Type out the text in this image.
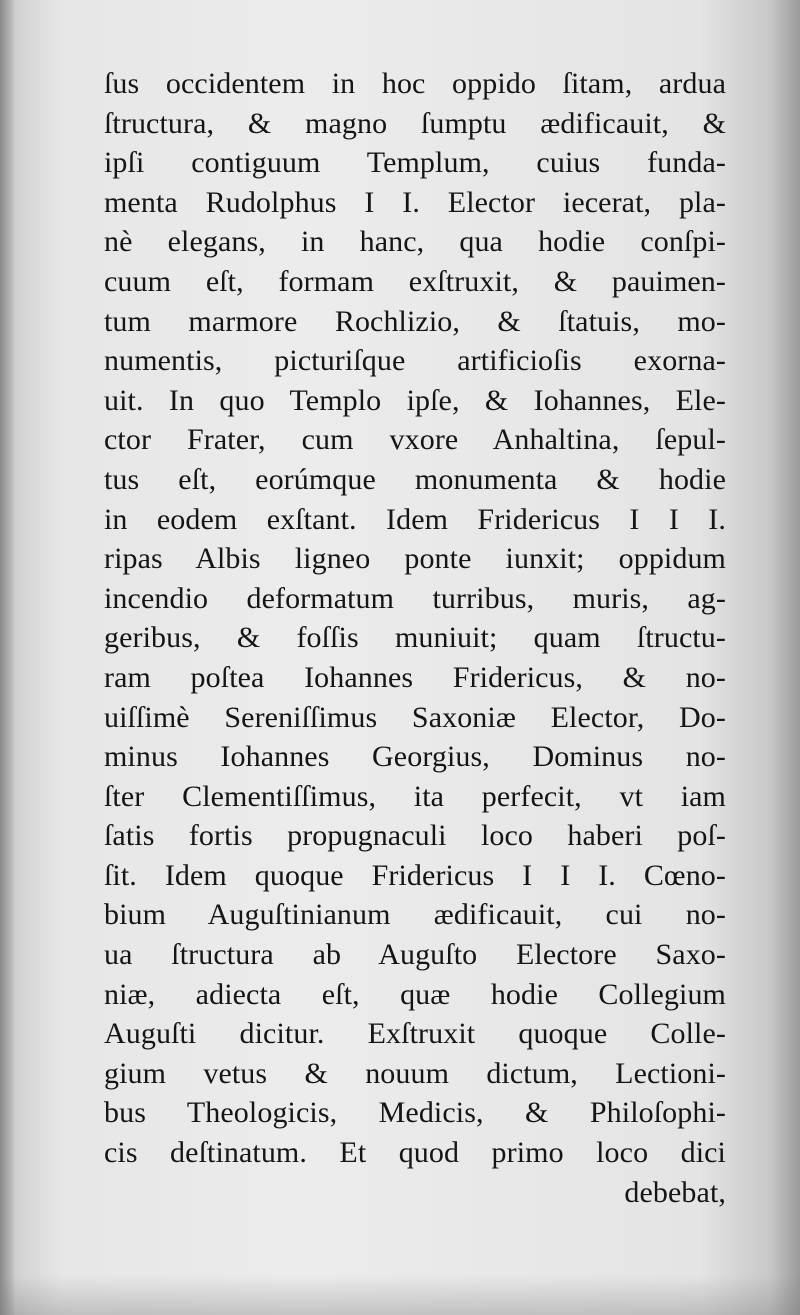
ſus occidentem in hoc oppido ſitam, ardua
ſtructura, & magno ſumptu ædificauit, &
ipſi contiguum Templum, cuius funda-
menta Rudolphus I I. Elector iecerat, pla-
nè elegans, in hanc, qua hodie conſpi-
cuum eſt, formam exſtruxit, & pauimen-
tum marmore Rochlizio, & ſtatuis, mo-
numentis, picturiſque artificioſis exorna-
uit. In quo Templo ipſe, & Iohannes, Ele-
ctor Frater, cum vxore Anhaltina, ſepul-
tus eſt, eorúmque monumenta & hodie
in eodem exſtant. Idem Fridericus I I I.
ripas Albis ligneo ponte iunxit; oppidum
incendio deformatum turribus, muris, ag-
geribus, & foſſis muniuit; quam ſtructu-
ram poſtea Iohannes Fridericus, & no-
uiſſimè Sereniſſimus Saxoniæ Elector, Do-
minus Iohannes Georgius, Dominus no-
ſter Clementiſſimus, ita perfecit, vt iam
ſatis fortis propugnaculi loco haberi poſ-
ſit. Idem quoque Fridericus I I I. Cœno-
bium Auguſtinianum ædificauit, cui no-
ua ſtructura ab Auguſto Electore Saxo-
niæ, adiecta eſt, quæ hodie Collegium
Auguſti dicitur. Exſtruxit quoque Colle-
gium vetus & nouum dictum, Lectioni-
bus Theologicis, Medicis, & Philoſophi-
cis deſtinatum. Et quod primo loco dici
debebat,
